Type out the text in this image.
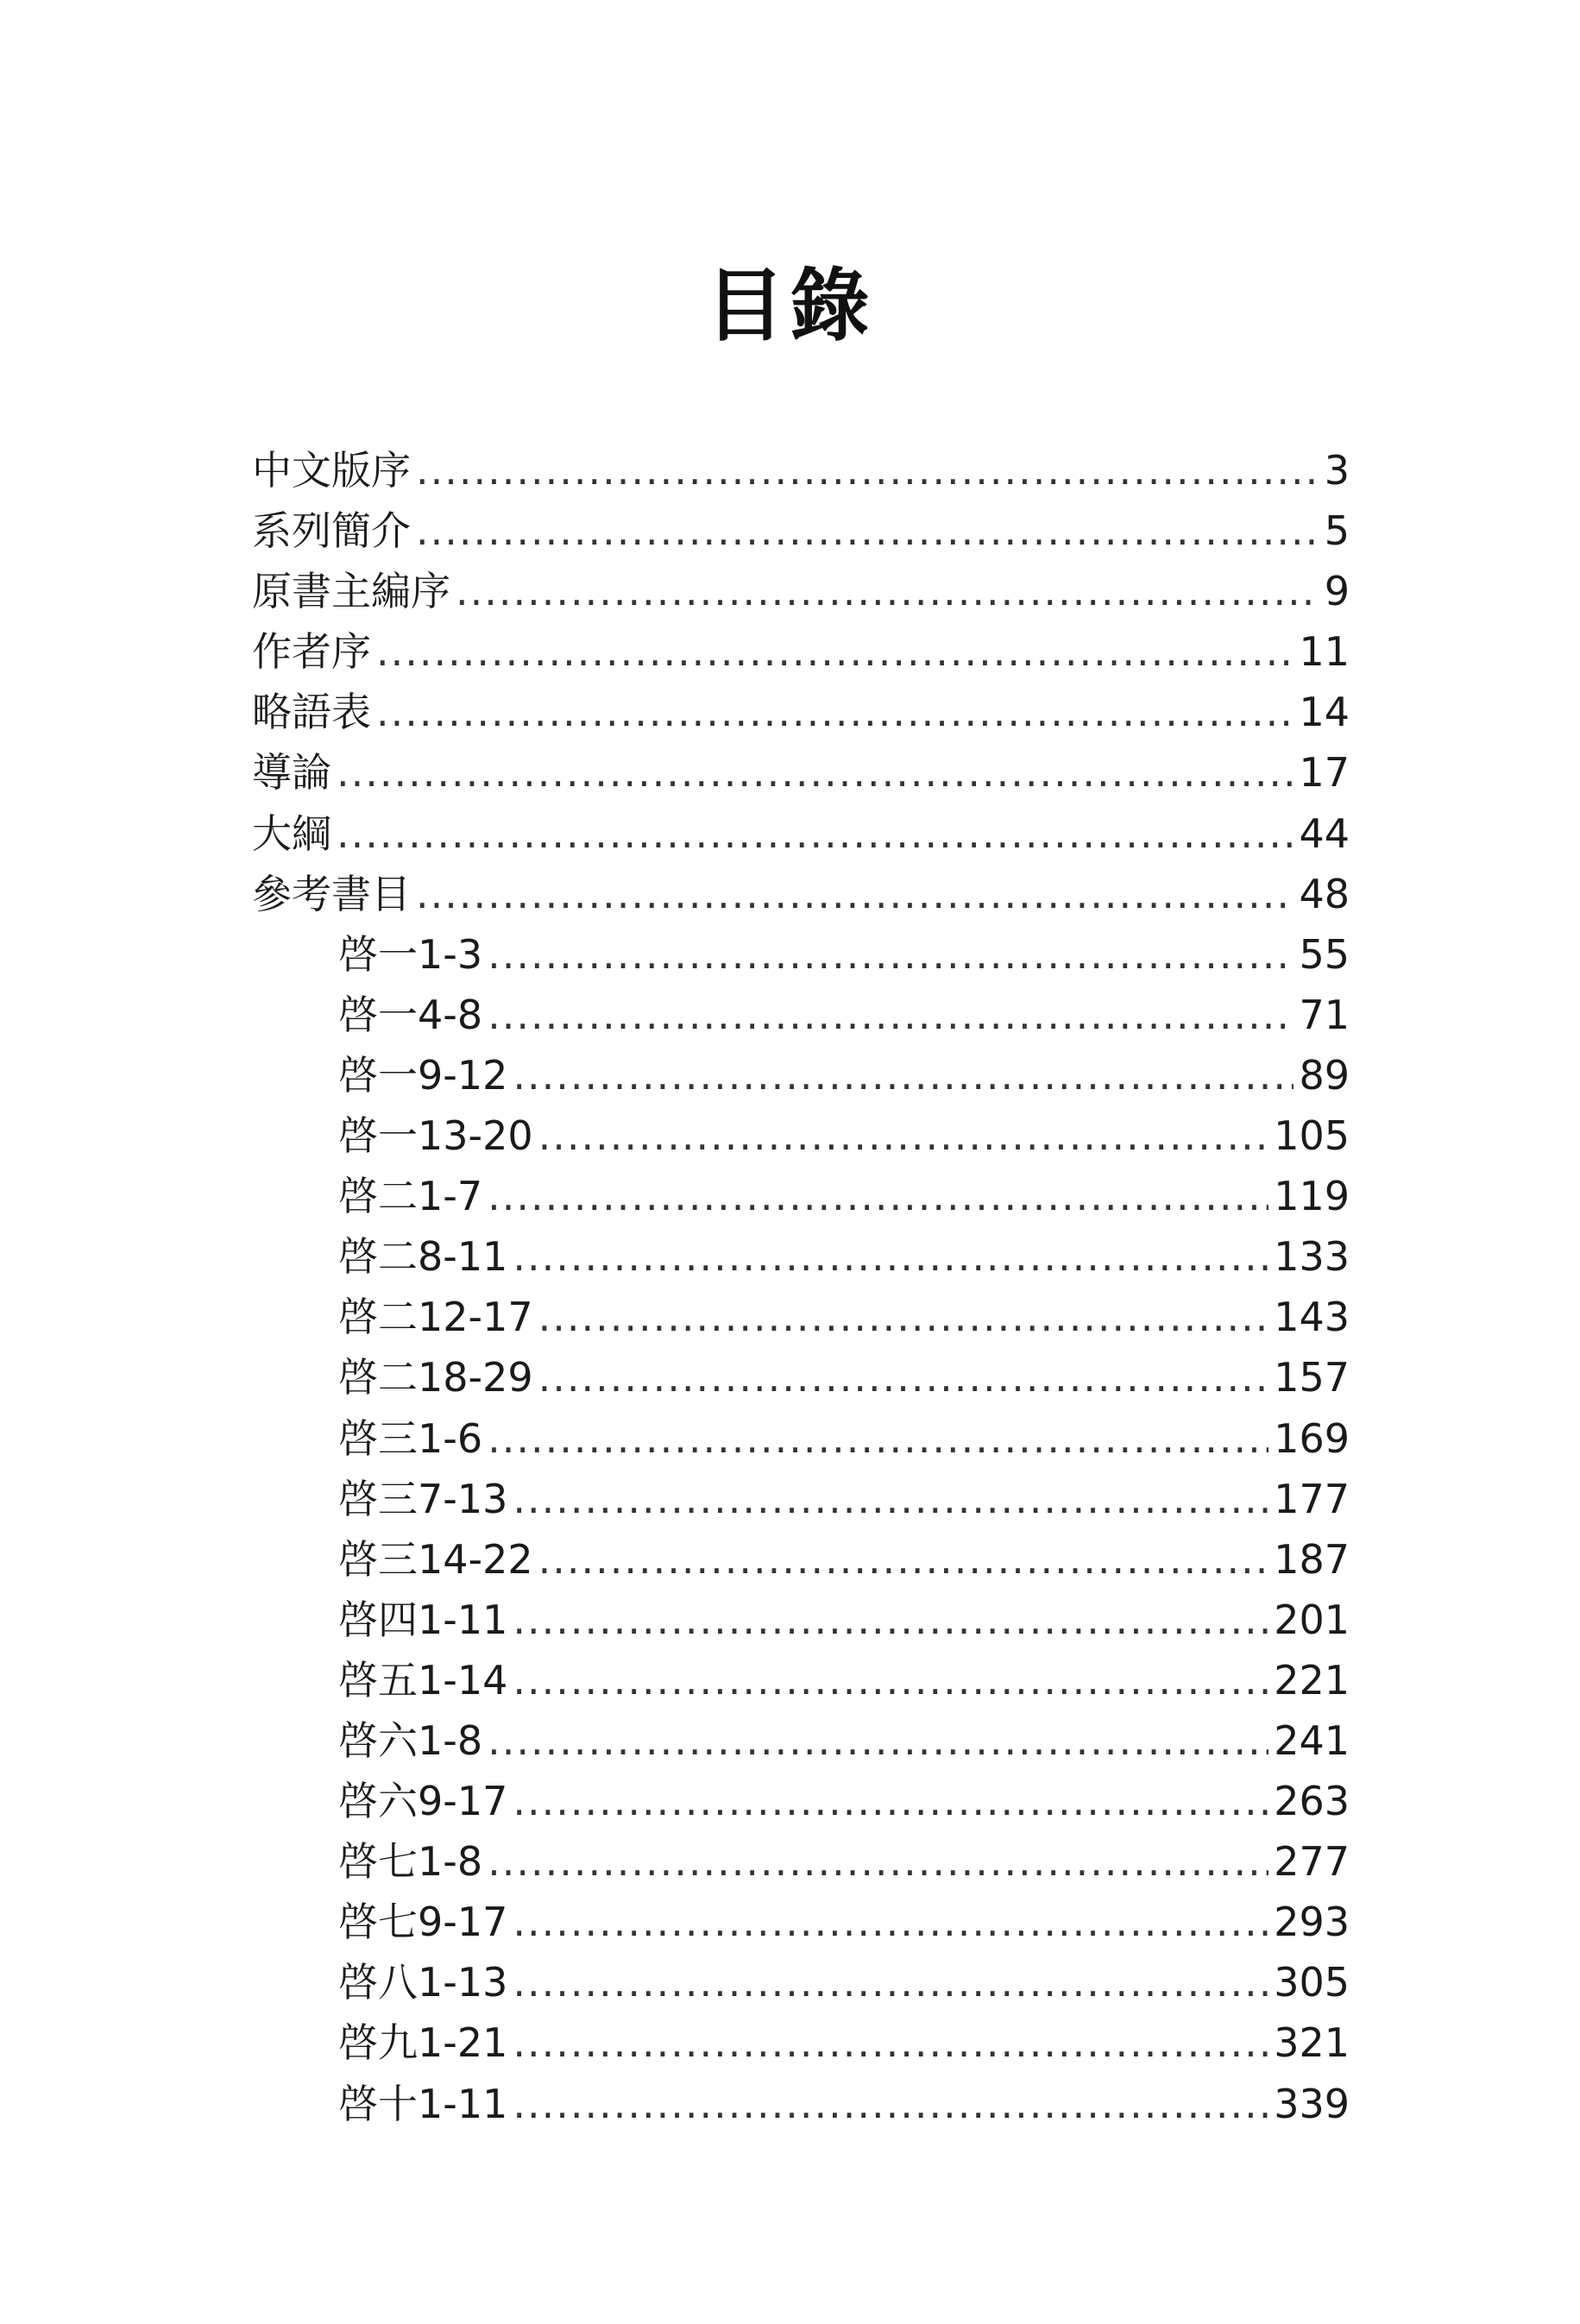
目錄
中文版序 .....	3
系列簡介 .....	5
原書主編序 .....	9
作者序 .....	11
略語表 .....	14
導論 .....	17
大綱 .....	44
參考書目 .....	48
啓一1-3 .....	55
啓一4-8 .....	71
啓一9-12 .....	89
啓一13-20 .....	105
啓二1-7 .....	119
啓二8-11 .....	133
啓二12-17 .....	143
啓二18-29 .....	157
啓三1-6 .....	169
啓三7-13 .....	177
啓三14-22 .....	187
啓四1-11 .....	201
啓五1-14 .....	221
啓六1-8 .....	241
啓六9-17 .....	263
啓七1-8 .....	277
啓七9-17 .....	293
啓八1-13 .....	305
啓九1-21 .....	321
啓十1-11 .....	339
